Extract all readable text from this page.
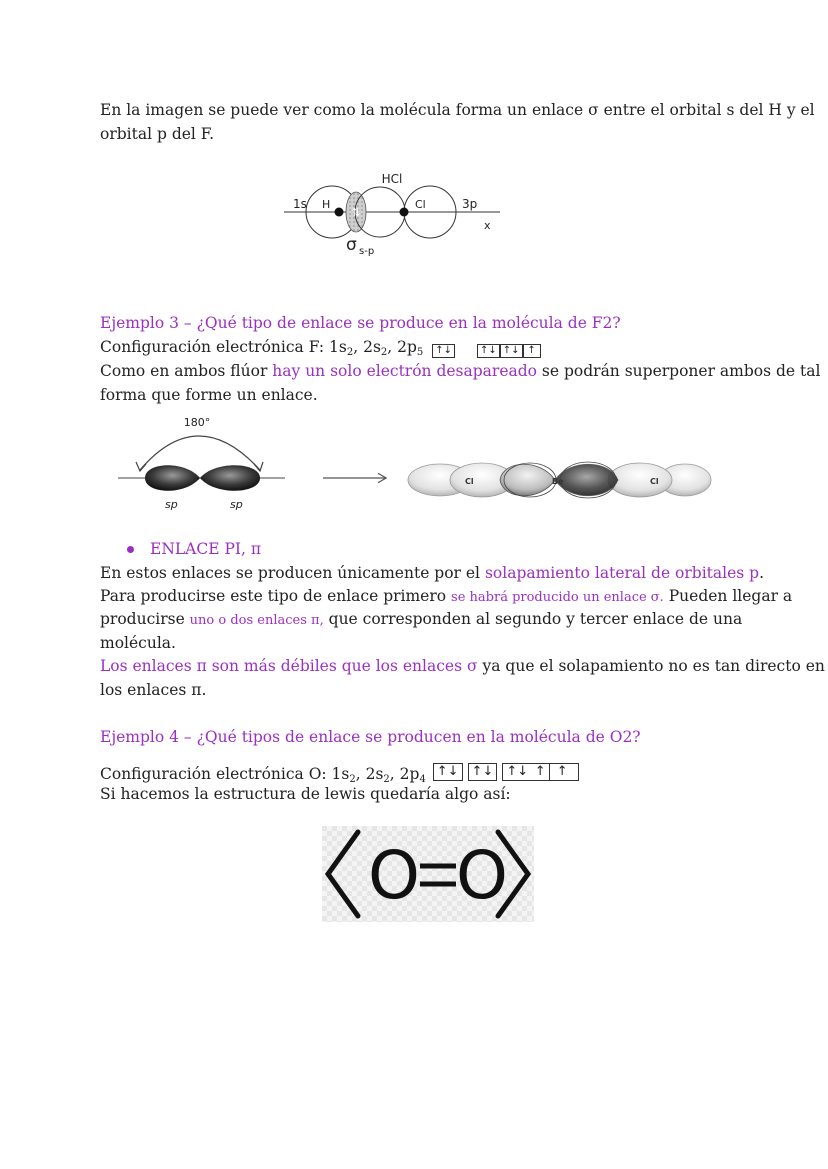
En la imagen se puede ver como la molécula forma un enlace σ entre el orbital s del H y el
orbital p del F.
⇅
HCl
1s H	Cl	3p
x
σ s-p
Ejemplo 3 – ¿Qué tipo de enlace se produce en la molécula de F2?
Configuración electrónica F: $1s_2$, $2s_2$, $2p_5$ ↑↓	↑↓ ↑↓ ↑
Como en ambos flúor hay un solo electrón desapareado se podrán superponer ambos de tal
forma que forme un enlace.
180°
sp	sp
Cl	Be	Cl
ENLACE PI, π
En estos enlaces se producen únicamente por el solapamiento lateral de orbitales p.
Para producirse este tipo de enlace primero se habrá producido un enlace σ. Pueden llegar a
producirse uno o dos enlaces π, que corresponden al segundo y tercer enlace de una
molécula.
Los enlaces π son más débiles que los enlaces σ ya que el solapamiento no es tan directo en
los enlaces π.
Ejemplo 4 – ¿Qué tipos de enlace se producen en la molécula de O2?
Configuración electrónica O: $1s_2$, $2s_2$, $2p_4$ ↑↓ ↑↓ ↑↓ ↑ ↑
Si hacemos la estructura de lewis quedaría algo así:
O O
